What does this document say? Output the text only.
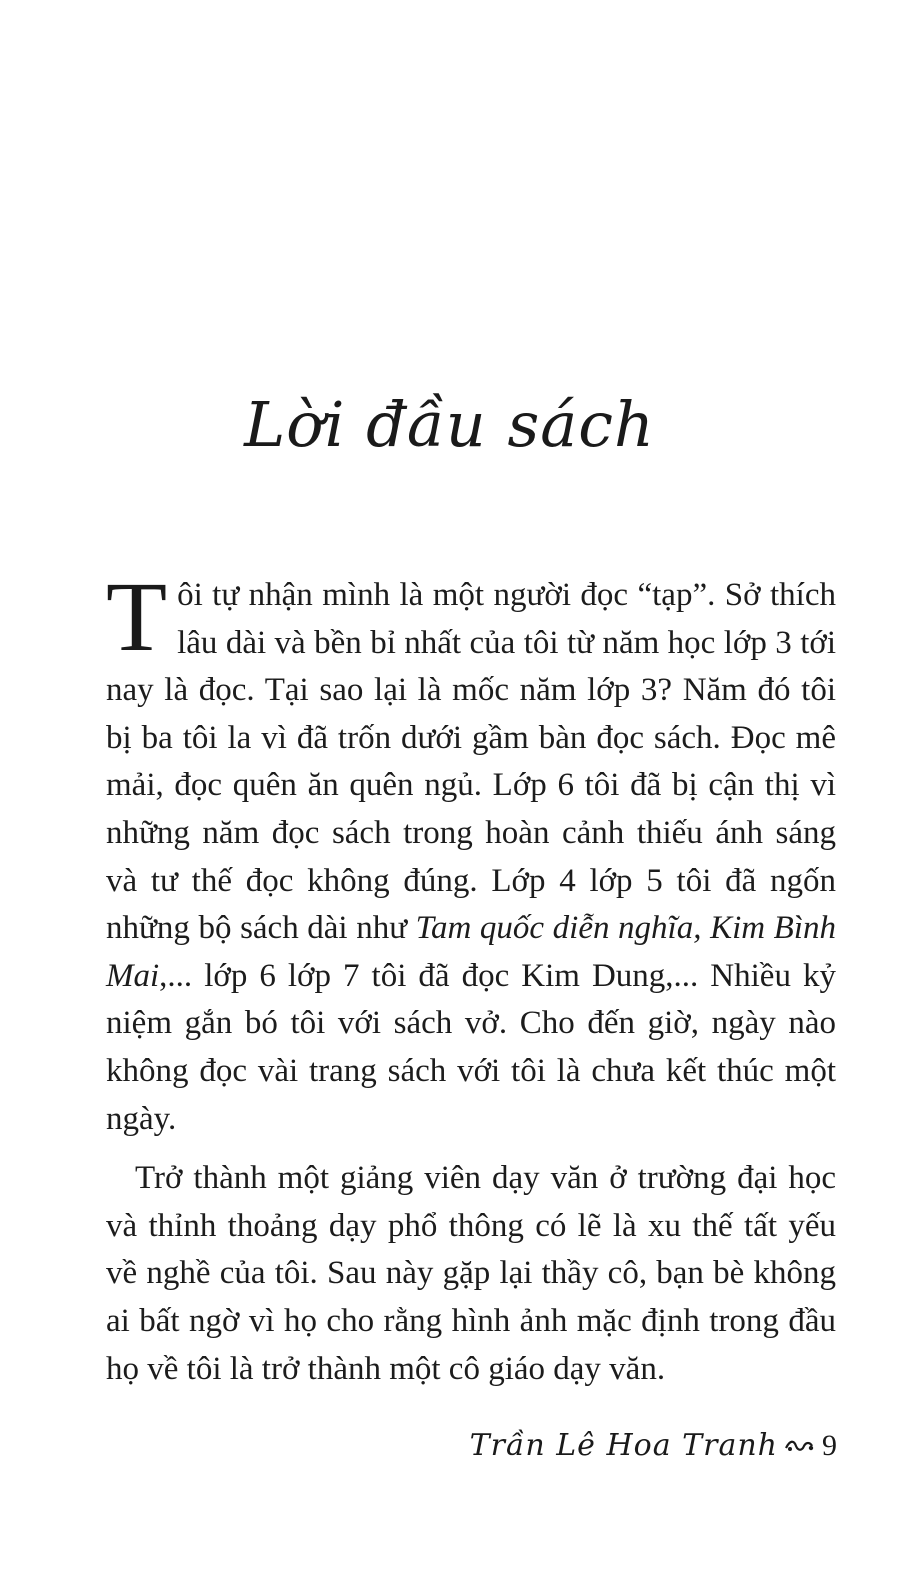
Lời đầu sách

Tôi tự nhận mình là một người đọc “tạp”. Sở thích lâu dài và bền bỉ nhất của tôi từ năm học lớp 3 tới nay là đọc. Tại sao lại là mốc năm lớp 3? Năm đó tôi bị ba tôi la vì đã trốn dưới gầm bàn đọc sách. Đọc mê mải, đọc quên ăn quên ngủ. Lớp 6 tôi đã bị cận thị vì những năm đọc sách trong hoàn cảnh thiếu ánh sáng và tư thế đọc không đúng. Lớp 4 lớp 5 tôi đã ngốn những bộ sách dài như Tam quốc diễn nghĩa, Kim Bình Mai,... lớp 6 lớp 7 tôi đã đọc Kim Dung,... Nhiều kỷ niệm gắn bó tôi với sách vở. Cho đến giờ, ngày nào không đọc vài trang sách với tôi là chưa kết thúc một ngày.

Trở thành một giảng viên dạy văn ở trường đại học và thỉnh thoảng dạy phổ thông có lẽ là xu thế tất yếu về nghề của tôi. Sau này gặp lại thầy cô, bạn bè không ai bất ngờ vì họ cho rằng hình ảnh mặc định trong đầu họ về tôi là trở thành một cô giáo dạy văn.

Trần Lê Hoa Tranh 9
